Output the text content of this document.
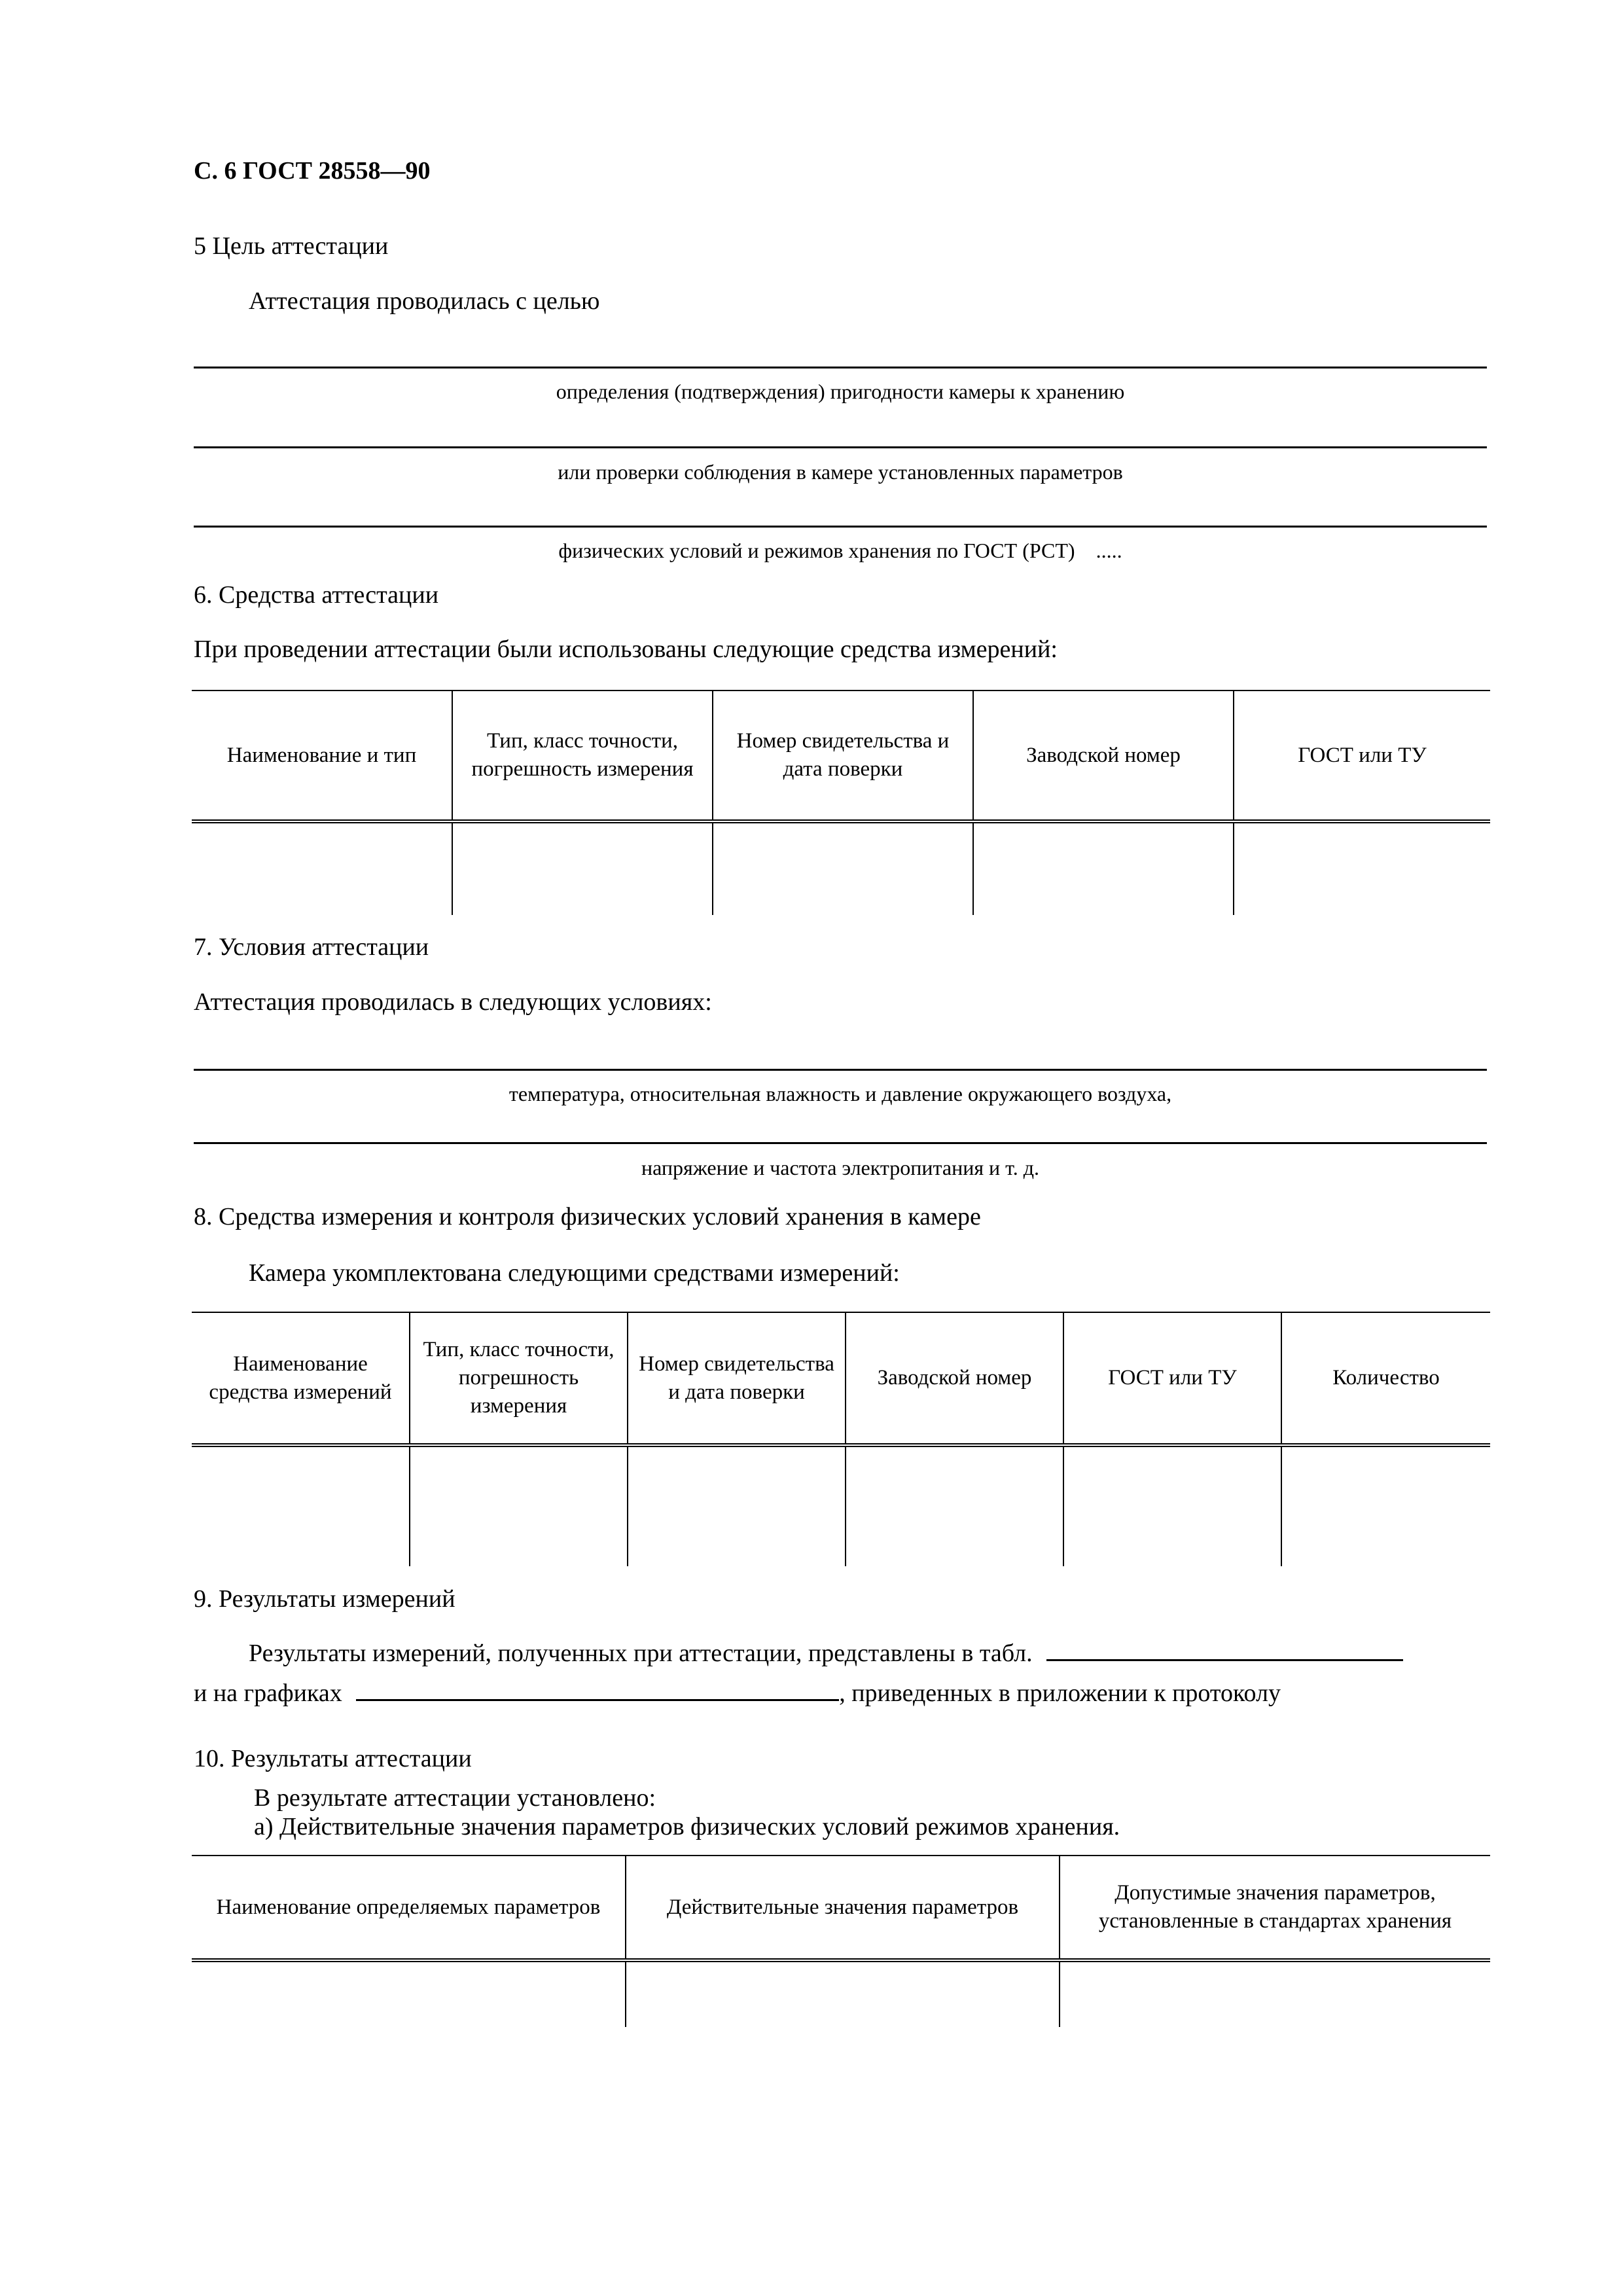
С. 6 ГОСТ 28558—90
5 Цель аттестации
Аттестация проводилась с целью
определения (подтверждения) пригодности камеры к хранению
или проверки соблюдения в камере установленных параметров
физических условий и режимов хранения по ГОСТ (РСТ)    .....
6. Средства аттестации
При проведении аттестации были использованы следующие средства измерений:
Наименование и тип	Тип, класс точности, погрешность измерения	Номер свидетельства и дата поверки	Заводской номер	ГОСТ или ТУ

7. Условия аттестации
Аттестация проводилась в следующих условиях:
температура, относительная влажность и давление окружающего воздуха,
напряжение и частота электропитания и т. д.
8. Средства измерения и контроля физических условий хранения в камере
Камера укомплектована следующими средствами измерений:
Наименование средства измерений	Тип, класс точности, погрешность измерения	Номер свидетельства и дата поверки	Заводской номер	ГОСТ или ТУ	Количество

9. Результаты измерений
Результаты измерений, полученных при аттестации, представлены в табл.
и на графиках	, приведенных в приложении к протоколу
10. Результаты аттестации
В результате аттестации установлено:
а) Действительные значения параметров физических условий режимов хранения.
Наименование определяемых параметров	Действительные значения параметров	Допустимые значения параметров, установленные в стандартах хранения
